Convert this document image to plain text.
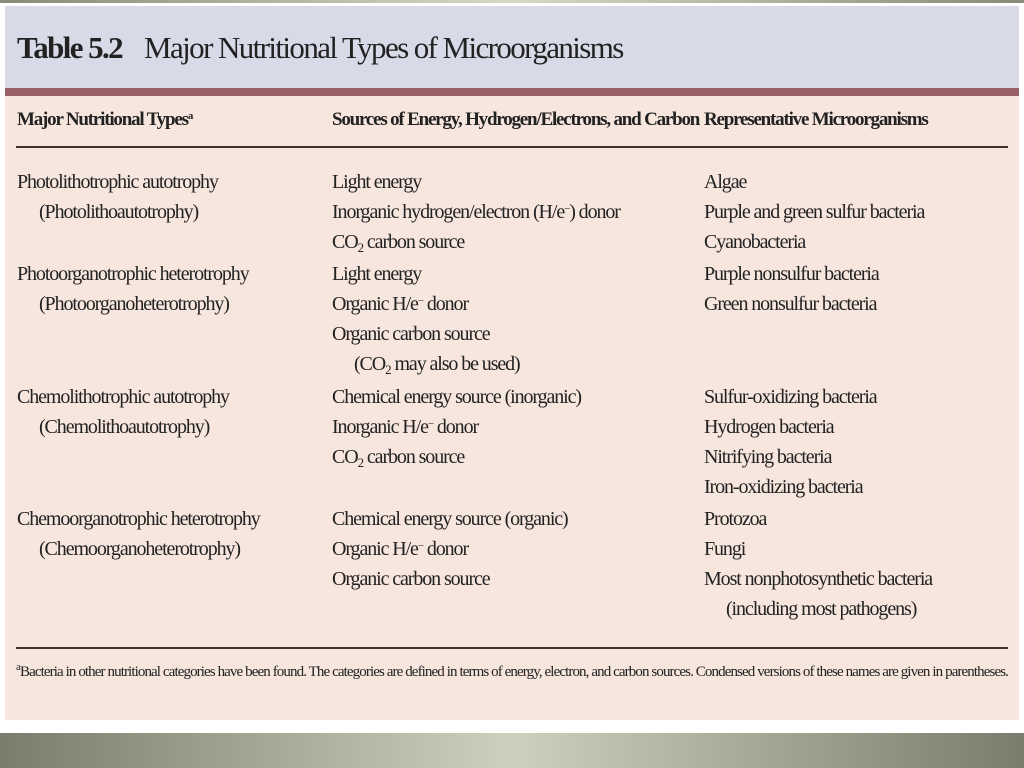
Table 5.2 Major Nutritional Types of Microorganisms
Major Nutritional Types$^a$	Sources of Energy, Hydrogen/Electrons, and Carbon Representative Microorganisms
Photolithotrophic autotrophy
(Photolithoautotrophy)
Light energy
Inorganic hydrogen/electron (H/e−) donor
$CO_2$ carbon source
Algae
Purple and green sulfur bacteria
Cyanobacteria
Photoorganotrophic heterotrophy
(Photoorganoheterotrophy)
Light energy
Organic H/e− donor
Organic carbon source
($CO_2$ may also be used)
Purple nonsulfur bacteria
Green nonsulfur bacteria
Chemolithotrophic autotrophy
(Chemolithoautotrophy)
Chemical energy source (inorganic)
Inorganic H/e− donor
$CO_2$ carbon source
Sulfur-oxidizing bacteria
Hydrogen bacteria
Nitrifying bacteria
Iron-oxidizing bacteria
Chemoorganotrophic heterotrophy
(Chemoorganoheterotrophy)
Chemical energy source (organic)
Organic H/e− donor
Organic carbon source
Protozoa
Fungi
Most nonphotosynthetic bacteria
(including most pathogens)
$^a$Bacteria in other nutritional categories have been found. The categories are defined in terms of energy, electron, and carbon sources. Condensed versions of these names are given in parentheses.
